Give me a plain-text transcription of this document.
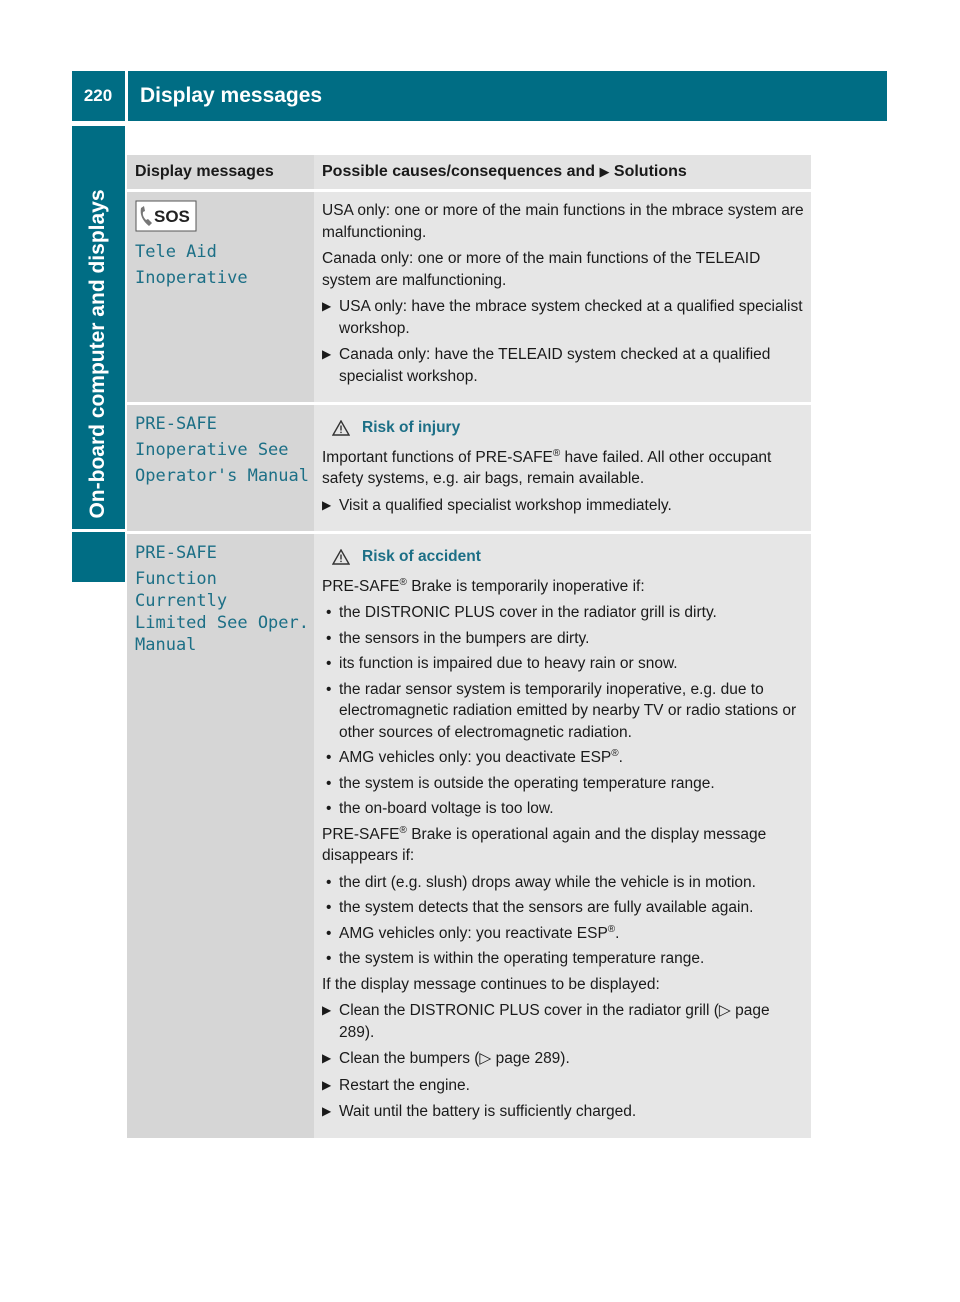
220	Display messages
On-board computer and displays
Display messages	Possible causes/consequences and ▶ Solutions
SOS

Tele Aid

Inoperative

USA only: one or more of the main functions in the mbrace system are malfunctioning.

Canada only: one or more of the main functions of the TELEAID system are malfunctioning.

▶ USA only: have the mbrace system checked at a qualified specialist workshop.
▶ Canada only: have the TELEAID system checked at a qualified specialist workshop.

PRE-SAFE

Inoperative See

Operator's Manual

Risk of injury

Important functions of PRE-SAFE® have failed. All other occupant safety systems, e.g. air bags, remain available.

▶ Visit a qualified specialist workshop immediately.

PRE-SAFE

Function Currently

Limited See Oper.

Manual

Risk of accident

PRE-SAFE® Brake is temporarily inoperative if:

• the DISTRONIC PLUS cover in the radiator grill is dirty.
• the sensors in the bumpers are dirty.
• its function is impaired due to heavy rain or snow.
• the radar sensor system is temporarily inoperative, e.g. due to electromagnetic radiation emitted by nearby TV or radio stations or other sources of electromagnetic radiation.
• AMG vehicles only: you deactivate ESP®.
• the system is outside the operating temperature range.
• the on-board voltage is too low.

PRE-SAFE® Brake is operational again and the display message disappears if:

• the dirt (e.g. slush) drops away while the vehicle is in motion.
• the system detects that the sensors are fully available again.
• AMG vehicles only: you reactivate ESP®.
• the system is within the operating temperature range.

If the display message continues to be displayed:

▶ Clean the DISTRONIC PLUS cover in the radiator grill (▷ page 289).
▶ Clean the bumpers (▷ page 289).
▶ Restart the engine.
▶ Wait until the battery is sufficiently charged.
